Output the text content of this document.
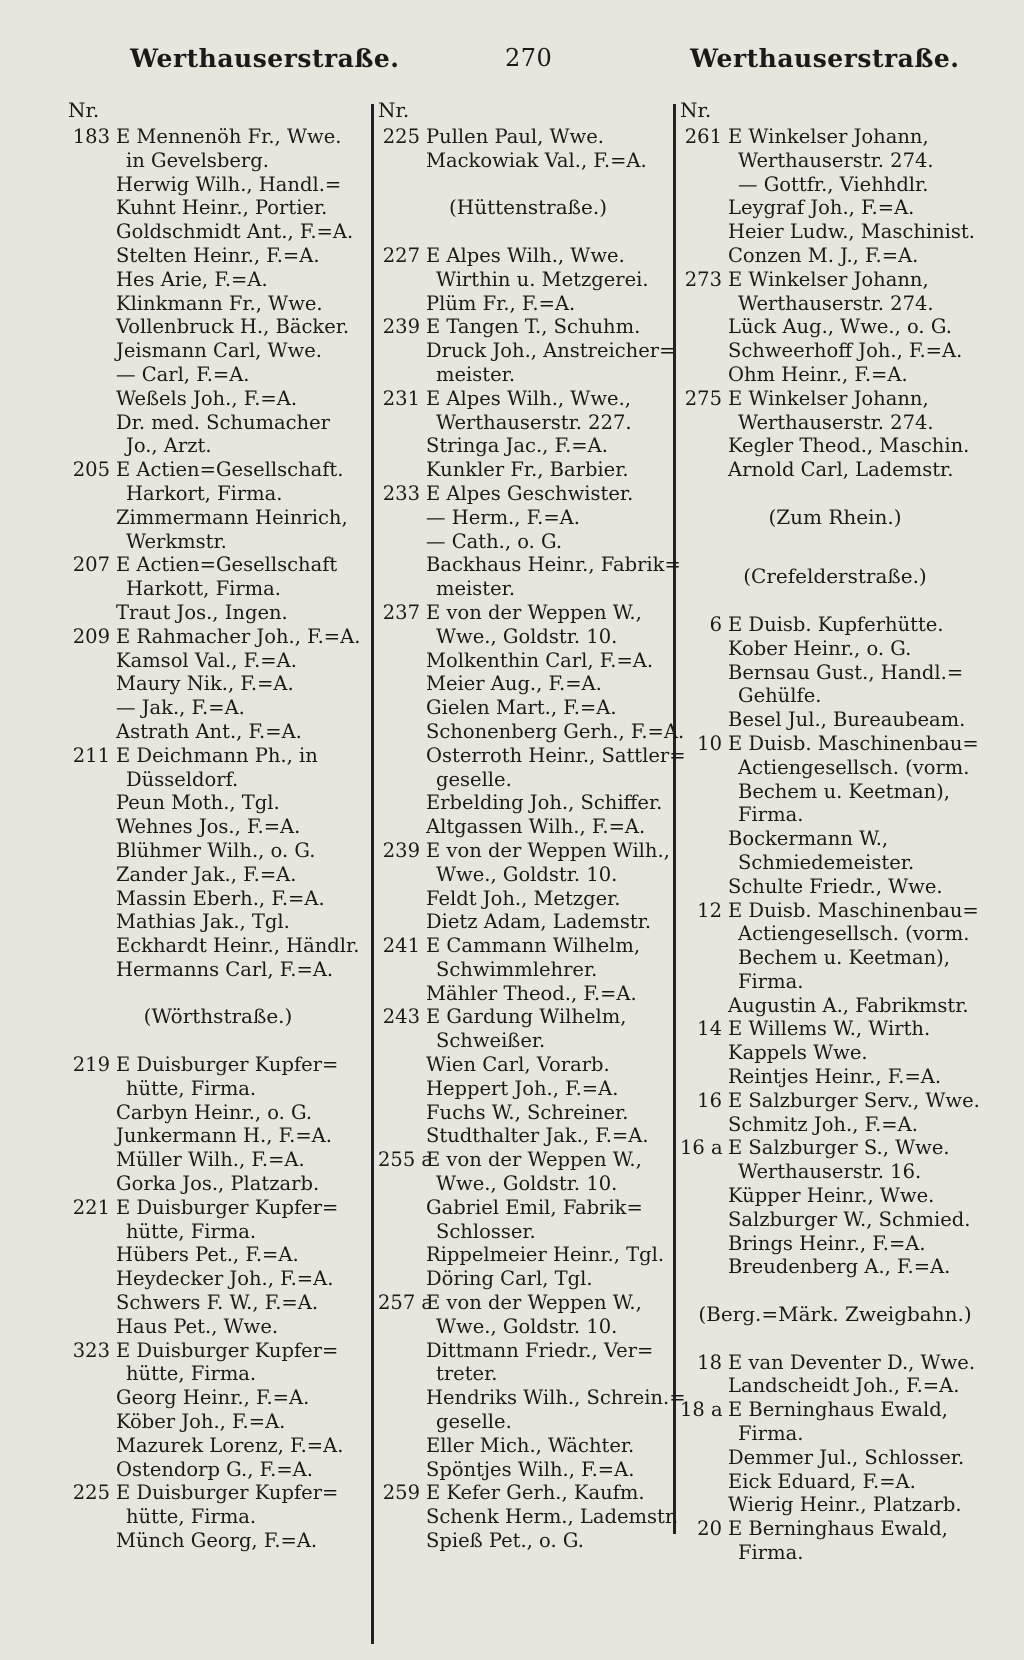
Werthauserstraße.	270	Werthauserstraße.
Nr.
183 E Mennenöh Fr., Wwe.
in Gevelsberg.
Herwig Wilh., Handl.=
Kuhnt Heinr., Portier.
Goldschmidt Ant., F.=A.
Stelten Heinr., F.=A.
Hes Arie, F.=A.
Klinkmann Fr., Wwe.
Vollenbruck H., Bäcker.
Jeismann Carl, Wwe.
— Carl, F.=A.
Weßels Joh., F.=A.
Dr. med. Schumacher
Jo., Arzt.
205 E Actien=Gesellschaft.
Harkort, Firma.
Zimmermann Heinrich,
Werkmstr.
207 E Actien=Gesellschaft
Harkott, Firma.
Traut Jos., Ingen.
209 E Rahmacher Joh., F.=A.
Kamsol Val., F.=A.
Maury Nik., F.=A.
— Jak., F.=A.
Astrath Ant., F.=A.
211 E Deichmann Ph., in
Düsseldorf.
Peun Moth., Tgl.
Wehnes Jos., F.=A.
Blühmer Wilh., o. G.
Zander Jak., F.=A.
Massin Eberh., F.=A.
Mathias Jak., Tgl.
Eckhardt Heinr., Händlr.
Hermanns Carl, F.=A.
(Wörthstraße.)
219 E Duisburger Kupfer=
hütte, Firma.
Carbyn Heinr., o. G.
Junkermann H., F.=A.
Müller Wilh., F.=A.
Gorka Jos., Platzarb.
221 E Duisburger Kupfer=
hütte, Firma.
Hübers Pet., F.=A.
Heydecker Joh., F.=A.
Schwers F. W., F.=A.
Haus Pet., Wwe.
323 E Duisburger Kupfer=
hütte, Firma.
Georg Heinr., F.=A.
Köber Joh., F.=A.
Mazurek Lorenz, F.=A.
Ostendorp G., F.=A.
225 E Duisburger Kupfer=
hütte, Firma.
Münch Georg, F.=A.
Nr.
225 Pullen Paul, Wwe.
Mackowiak Val., F.=A.
(Hüttenstraße.)
227 E Alpes Wilh., Wwe.
Wirthin u. Metzgerei.
Plüm Fr., F.=A.
239 E Tangen T., Schuhm.
Druck Joh., Anstreicher=
meister.
231 E Alpes Wilh., Wwe.,
Werthauserstr. 227.
Stringa Jac., F.=A.
Kunkler Fr., Barbier.
233 E Alpes Geschwister.
— Herm., F.=A.
— Cath., o. G.
Backhaus Heinr., Fabrik=
meister.
237 E von der Weppen W.,
Wwe., Goldstr. 10.
Molkenthin Carl, F.=A.
Meier Aug., F.=A.
Gielen Mart., F.=A.
Schonenberg Gerh., F.=A.
Osterroth Heinr., Sattler=
geselle.
Erbelding Joh., Schiffer.
Altgassen Wilh., F.=A.
239 E von der Weppen Wilh.,
Wwe., Goldstr. 10.
Feldt Joh., Metzger.
Dietz Adam, Lademstr.
241 E Cammann Wilhelm,
Schwimmlehrer.
Mähler Theod., F.=A.
243 E Gardung Wilhelm,
Schweißer.
Wien Carl, Vorarb.
Heppert Joh., F.=A.
Fuchs W., Schreiner.
Studthalter Jak., F.=A.
255 a
E von der Weppen W.,
Wwe., Goldstr. 10.
Gabriel Emil, Fabrik=
Schlosser.
Rippelmeier Heinr., Tgl.
Döring Carl, Tgl.
257 a
E von der Weppen W.,
Wwe., Goldstr. 10.
Dittmann Friedr., Ver=
treter.
Hendriks Wilh., Schrein.=
geselle.
Eller Mich., Wächter.
Spöntjes Wilh., F.=A.
259 E Kefer Gerh., Kaufm.
Schenk Herm., Lademstr.
Spieß Pet., o. G.
Nr.
261 E Winkelser Johann,
Werthauserstr. 274.
— Gottfr., Viehhdlr.
Leygraf Joh., F.=A.
Heier Ludw., Maschinist.
Conzen M. J., F.=A.
273 E Winkelser Johann,
Werthauserstr. 274.
Lück Aug., Wwe., o. G.
Schweerhoff Joh., F.=A.
Ohm Heinr., F.=A.
275 E Winkelser Johann,
Werthauserstr. 274.
Kegler Theod., Maschin.
Arnold Carl, Lademstr.
(Zum Rhein.)
(Crefelderstraße.)
6 E Duisb. Kupferhütte.
Kober Heinr., o. G.
Bernsau Gust., Handl.=
Gehülfe.
Besel Jul., Bureaubeam.
10 E Duisb. Maschinenbau=
Actiengesellsch. (vorm.
Bechem u. Keetman),
Firma.
Bockermann W.,
Schmiedemeister.
Schulte Friedr., Wwe.
12 E Duisb. Maschinenbau=
Actiengesellsch. (vorm.
Bechem u. Keetman),
Firma.
Augustin A., Fabrikmstr.
14 E Willems W., Wirth.
Kappels Wwe.
Reintjes Heinr., F.=A.
16 E Salzburger Serv., Wwe.
Schmitz Joh., F.=A.
16 a E Salzburger S., Wwe.
Werthauserstr. 16.
Küpper Heinr., Wwe.
Salzburger W., Schmied.
Brings Heinr., F.=A.
Breudenberg A., F.=A.
(Berg.=Märk. Zweigbahn.)
18 E van Deventer D., Wwe.
Landscheidt Joh., F.=A.
18 a E Berninghaus Ewald,
Firma.
Demmer Jul., Schlosser.
Eick Eduard, F.=A.
Wierig Heinr., Platzarb.
20 E Berninghaus Ewald,
Firma.
